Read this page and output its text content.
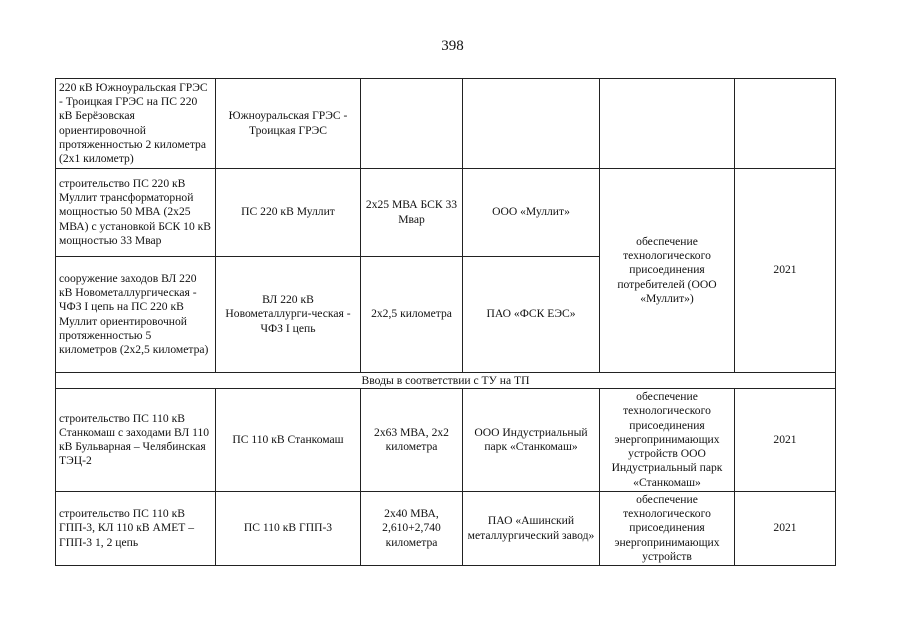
398
220 кВ Южноуральская ГРЭС - Троицкая ГРЭС на ПС 220 кВ Берёзовская ориентировочной протяженностью 2 километра (2х1 километр)	Южноуральская ГРЭС - Троицкая ГРЭС				
строительство ПС 220 кВ Муллит трансформаторной мощностью 50 МВА (2х25 МВА) с установкой БСК 10 кВ мощностью 33 Мвар	ПС 220 кВ Муллит	2х25 МВА БСК 33 Мвар	ООО «Муллит»	обеспечение технологического присоединения потребителей (ООО «Муллит»)	2021
сооружение заходов ВЛ 220 кВ Новометаллургическая - ЧФЗ I цепь на ПС 220 кВ Муллит ориентировочной протяженностью 5 километров (2х2,5 километра)	ВЛ 220 кВ Новометаллурги-ческая - ЧФЗ I цепь	2х2,5 километра	ПАО «ФСК ЕЭС»		
Вводы в соответствии с ТУ на ТП					
строительство ПС 110 кВ Станкомаш с заходами ВЛ 110 кВ Бульварная – Челябинская ТЭЦ-2	ПС 110 кВ Станкомаш	2х63 МВА, 2х2 километра	ООО Индустриальный парк «Станкомаш»	обеспечение технологического присоединения энергопринимающих устройств ООО Индустриальный парк «Станкомаш»	2021
строительство ПС 110 кВ ГПП-3, КЛ 110 кВ АМЕТ – ГПП-3 1, 2 цепь	ПС 110 кВ ГПП-3	2х40 МВА, 2,610+2,740 километра	ПАО «Ашинский металлургический завод»	обеспечение технологического присоединения энергопринимающих устройств	2021
